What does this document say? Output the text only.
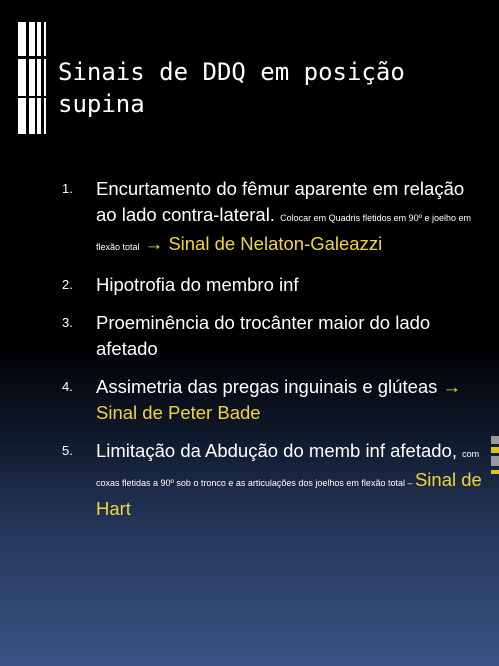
Sinais de DDQ em posição supina
1. Encurtamento do fêmur aparente em relação ao lado contra-lateral. Colocar em Quadris fletidos em 90º e joelho em flexão total → Sinal de Nelaton-Galeazzi
2. Hipotrofia do membro inf
3. Proeminência do trocânter maior do lado afetado
4. Assimetria das pregas inguinais e glúteas → Sinal de Peter Bade
5. Limitação da Abdução do memb inf afetado, com coxas fletidas a 90º sob o tronco e as articulações dos joelhos em flexão total – Sinal de Hart
